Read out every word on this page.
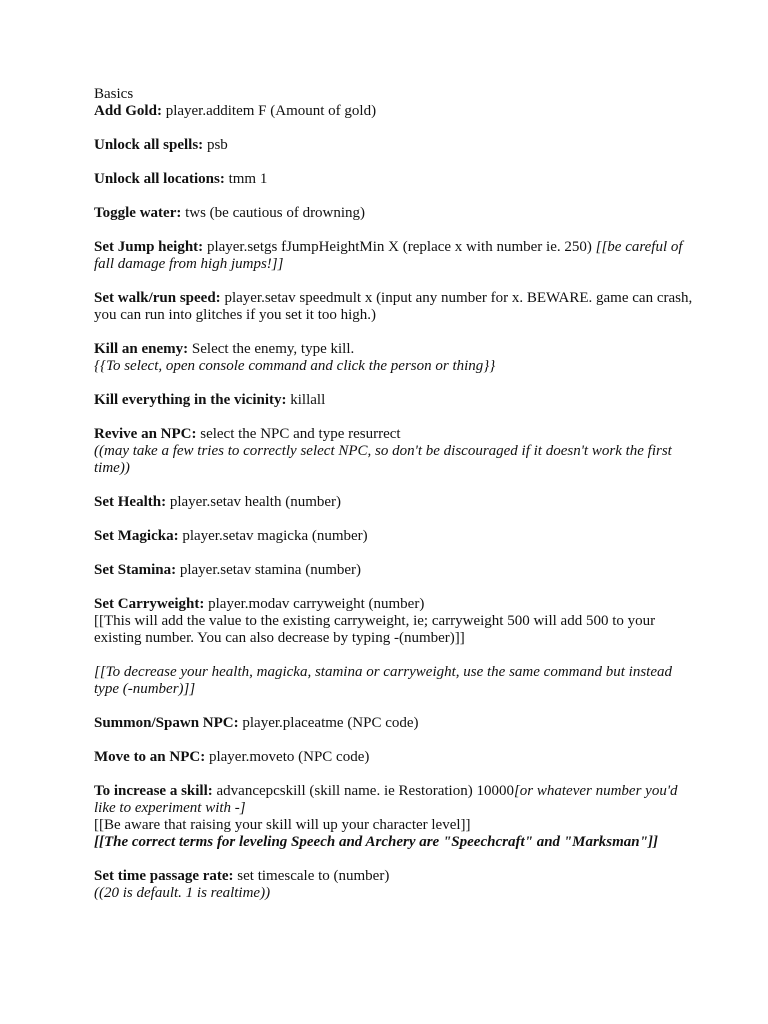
Basics

Add Gold: player.additem F (Amount of gold)

Unlock all spells: psb

Unlock all locations: tmm 1

Toggle water: tws (be cautious of drowning)

Set Jump height: player.setgs fJumpHeightMin X (replace x with number ie. 250) [[be careful of fall damage from high jumps!]]

Set walk/run speed: player.setav speedmult x (input any number for x. BEWARE. game can crash, you can run into glitches if you set it too high.)

Kill an enemy: Select the enemy, type kill.

{{To select, open console command and click the person or thing}}

Kill everything in the vicinity: killall

Revive an NPC: select the NPC and type resurrect

((may take a few tries to correctly select NPC, so don't be discouraged if it doesn't work the first time))

Set Health: player.setav health (number)

Set Magicka: player.setav magicka (number)

Set Stamina: player.setav stamina (number)

Set Carryweight: player.modav carryweight (number)

[[This will add the value to the existing carryweight, ie; carryweight 500 will add 500 to your existing number. You can also decrease by typing -(number)]]

[[To decrease your health, magicka, stamina or carryweight, use the same command but instead type (-number)]]

Summon/Spawn NPC: player.placeatme (NPC code)

Move to an NPC: player.moveto (NPC code)

To increase a skill: advancepcskill (skill name. ie Restoration) 10000[or whatever number you'd like to experiment with -]

[[Be aware that raising your skill will up your character level]]

[[The correct terms for leveling Speech and Archery are "Speechcraft" and "Marksman"]]

Set time passage rate: set timescale to (number)

((20 is default. 1 is realtime))
